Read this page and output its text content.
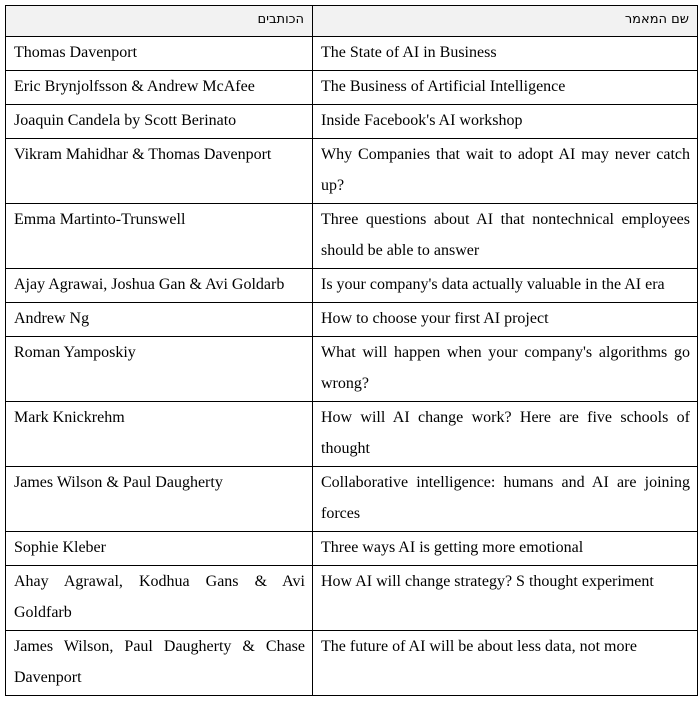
הכותבים	שם המאמר
Thomas Davenport	The State of AI in Business
Eric Brynjolfsson & Andrew McAfee	The Business of Artificial Intelligence
Joaquin Candela by Scott Berinato	Inside Facebook's AI workshop
Vikram Mahidhar & Thomas Davenport	Why Companies that wait to adopt AI may never catch up?
Emma Martinto-Trunswell	Three questions about AI that nontechnical employees should be able to answer
Ajay Agrawai, Joshua Gan & Avi Goldarb	Is your company's data actually valuable in the AI era
Andrew Ng	How to choose your first AI project
Roman Yamposkiy	What will happen when your company's algorithms go wrong?
Mark Knickrehm	How will AI change work? Here are five schools of thought
James Wilson & Paul Daugherty	Collaborative intelligence: humans and AI are joining forces
Sophie Kleber	Three ways AI is getting more emotional
Ahay Agrawal, Kodhua Gans & Avi Goldfarb	How AI will change strategy? S thought experiment
James Wilson, Paul Daugherty & Chase Davenport	The future of AI will be about less data, not more
